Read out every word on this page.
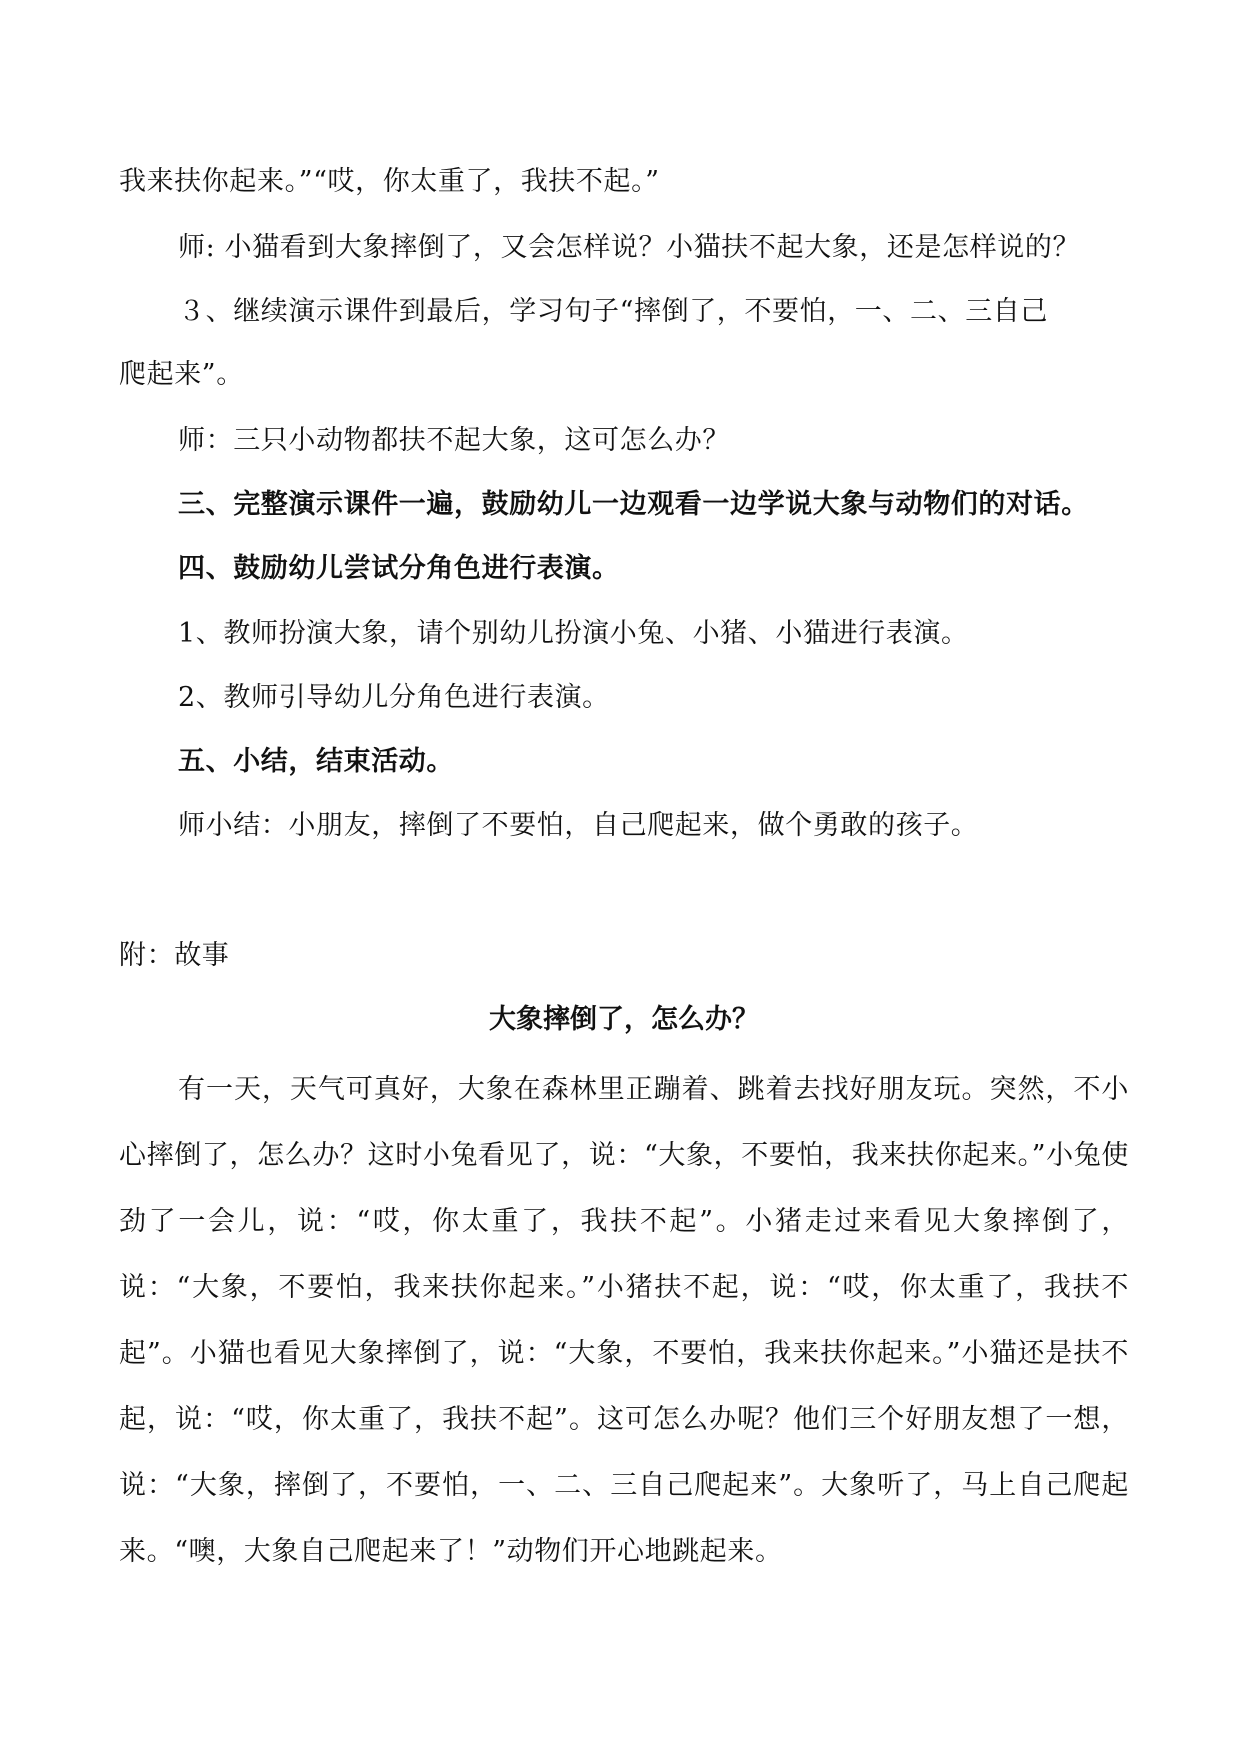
我来扶你起来。”“哎，你太重了，我扶不起。”
师: 小猫看到大象摔倒了，又会怎样说？小猫扶不起大象，还是怎样说的？
３、继续演示课件到最后，学习句子“摔倒了，不要怕，一、二、三自己
爬起来”。
师：三只小动物都扶不起大象，这可怎么办？
三、完整演示课件一遍，鼓励幼儿一边观看一边学说大象与动物们的对话。
四、鼓励幼儿尝试分角色进行表演。
1、教师扮演大象，请个别幼儿扮演小兔、小猪、小猫进行表演。
2、教师引导幼儿分角色进行表演。
五、小结，结束活动。
师小结：小朋友，摔倒了不要怕，自己爬起来，做个勇敢的孩子。
附：故事
大象摔倒了，怎么办？

有一天，天气可真好，大象在森林里正蹦着、跳着去找好朋友玩。突然，不小心摔倒了，怎么办？这时小兔看见了，说：“大象，不要怕，我来扶你起来。”小兔使劲了一会儿，说：“哎，你太重了，我扶不起”。小猪走过来看见大象摔倒了，说：“大象，不要怕，我来扶你起来。”小猪扶不起，说：“哎，你太重了，我扶不起”。小猫也看见大象摔倒了，说：“大象，不要怕，我来扶你起来。”小猫还是扶不起，说：“哎，你太重了，我扶不起”。这可怎么办呢？他们三个好朋友想了一想，说：“大象，摔倒了，不要怕，一、二、三自己爬起来”。大象听了，马上自己爬起来。“噢，大象自己爬起来了！”动物们开心地跳起来。
